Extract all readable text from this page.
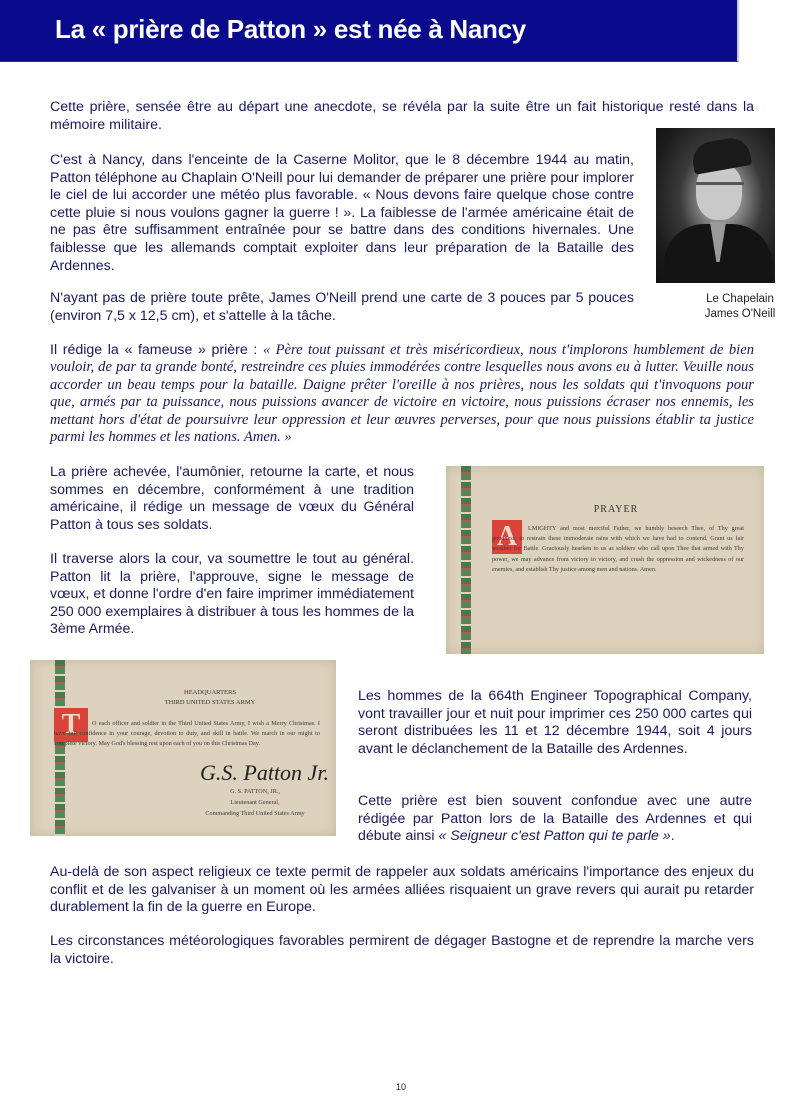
La « prière de Patton » est née à Nancy

Cette prière, sensée être au départ une anecdote, se révéla par la suite être un fait historique resté dans la mémoire militaire.

C'est à Nancy, dans l'enceinte de la Caserne Molitor, que le 8 décembre 1944 au matin, Patton téléphone au Chaplain O'Neill pour lui demander de préparer une prière pour implorer le ciel de lui accorder une météo plus favorable. « Nous devons faire quelque chose contre cette pluie si nous voulons gagner la guerre ! ». La faiblesse de l'armée américaine était de ne pas être suffisamment entraînée pour se battre dans des conditions hivernales. Une faiblesse que les allemands comptait exploiter dans leur préparation de la Bataille des Ardennes.

Le Chapelain
James O'Neill

N'ayant pas de prière toute prête, James O'Neill prend une carte de 3 pouces par 5 pouces (environ 7,5 x 12,5 cm), et s'attelle à la tâche.

Il rédige la « fameuse » prière : « Père tout puissant et très miséricordieux, nous t'implorons humblement de bien vouloir, de par ta grande bonté, restreindre ces pluies immodérées contre lesquelles nous avons eu à lutter. Veuille nous accorder un beau temps pour la bataille. Daigne prêter l'oreille à nos prières, nous les soldats qui t'invoquons pour que, armés par ta puissance, nous puissions avancer de victoire en victoire, nous puissions écraser nos ennemis, les mettant hors d'état de poursuivre leur oppression et leur œuvres perverses, pour que nous puissions établir ta justice parmi les hommes et les nations. Amen. »

La prière achevée, l'aumônier, retourne la carte, et nous sommes en décembre, conformément à une tradition américaine, il rédige un message de vœux du Général Patton à tous ses soldats.

Il traverse alors la cour, va soumettre le tout au général. Patton lit la prière, l'approuve, signe le message de vœux, et donne l'ordre d'en faire imprimer immédiatement 250 000 exemplaires à distribuer à tous les hommes de la 3ème Armée.

PRAYER
A	LMIGHTY and most merciful Father, we humbly beseech Thee, of Thy great goodness, to restrain these immoderate rains with which we have had to contend. Grant us fair weather for Battle. Graciously hearken to us as soldiers who call upon Thee that armed with Thy power, we may advance from victory to victory, and crush the oppression and wickedness of our enemies, and establish Thy justice among men and nations. Amen.
HEADQUARTERS
THIRD UNITED STATES ARMY
T	O each officer and soldier in the Third United States Army, I wish a Merry Christmas. I have full confidence in your courage, devotion to duty, and skill in battle. We march in our might to complete victory. May God's blessing rest upon each of you on this Christmas Day.
G.S. Patton Jr.
G. S. PATTON, JR.,
Lieutenant General,
Commanding Third United States Army

Les hommes de la 664th Engineer Topographical Company, vont travailler jour et nuit pour imprimer ces 250 000 cartes qui seront distribuées les 11 et 12 décembre 1944, soit 4 jours avant le déclanchement de la Bataille des Ardennes.

Cette prière est bien souvent confondue avec une autre rédigée par Patton lors de la Bataille des Ardennes et qui débute ainsi « Seigneur c'est Patton qui te parle ».

Au-delà de son aspect religieux ce texte permit de rappeler aux soldats américains l'importance des enjeux du conflit et de les galvaniser à un moment où les armées alliées risquaient un grave revers qui aurait pu retarder durablement la fin de la guerre en Europe.

Les circonstances météorologiques favorables permirent de dégager Bastogne et de reprendre la marche vers la victoire.

10
